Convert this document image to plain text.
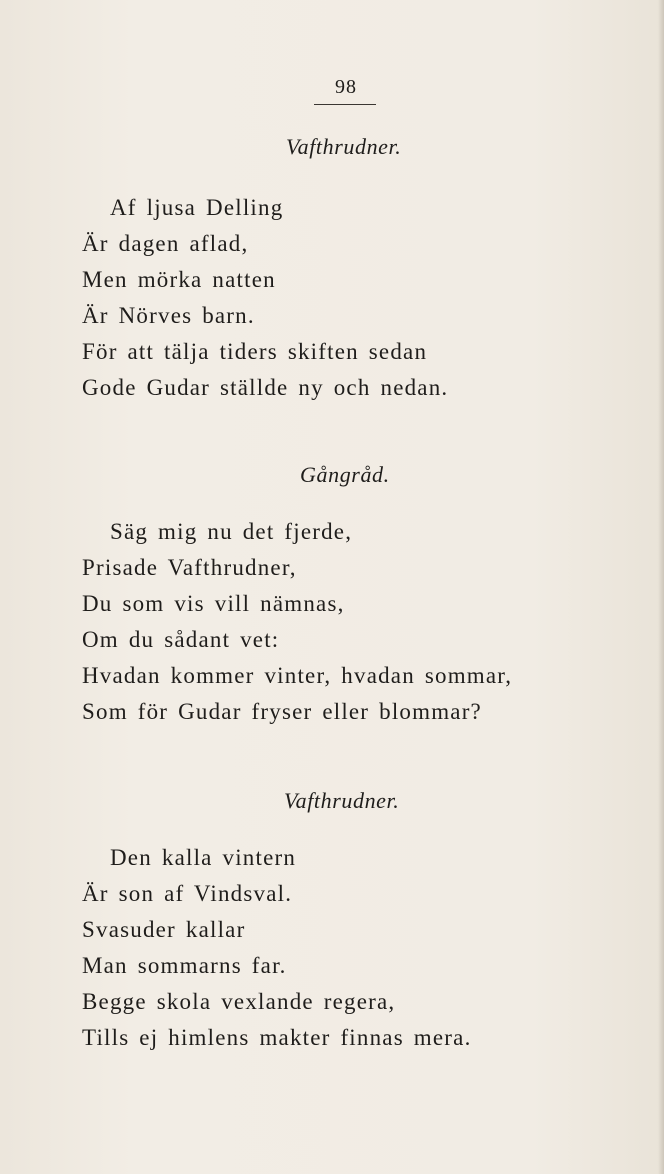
98
Vafthrudner.
Af ljusa Delling
Är dagen aflad,
Men mörka natten
Är Nörves barn.
För att tälja tiders skiften sedan
Gode Gudar ställde ny och nedan.
Gångråd.
Säg mig nu det fjerde,
Prisade Vafthrudner,
Du som vis vill nämnas,
Om du sådant vet:
Hvadan kommer vinter, hvadan sommar,
Som för Gudar fryser eller blommar?
Vafthrudner.
Den kalla vintern
Är son af Vindsval.
Svasuder kallar
Man sommarns far.
Begge skola vexlande regera,
Tills ej himlens makter finnas mera.
